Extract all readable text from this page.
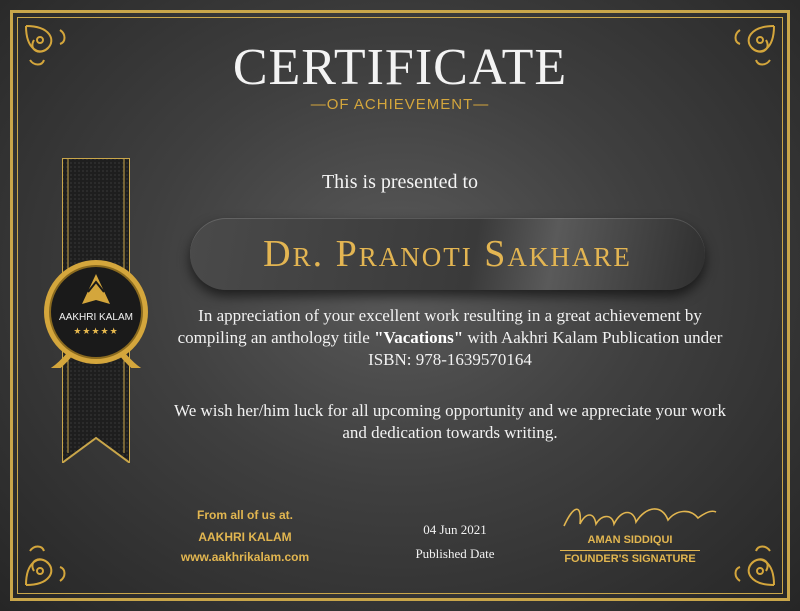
CERTIFICATE
—OF ACHIEVEMENT—
AAKHRI KALAM
★★★★★
This is presented to
Dr. Pranoti Sakhare
In appreciation of your excellent work resulting in a great achievement by compiling an anthology title "Vacations" with Aakhri Kalam Publication under ISBN: 978-1639570164
We wish her/him luck for all upcoming opportunity and we appreciate your work and dedication towards writing.
From all of us at.
AAKHRI KALAM
www.aakhrikalam.com
04 Jun 2021
Published Date
AMAN SIDDIQUI
FOUNDER'S SIGNATURE
